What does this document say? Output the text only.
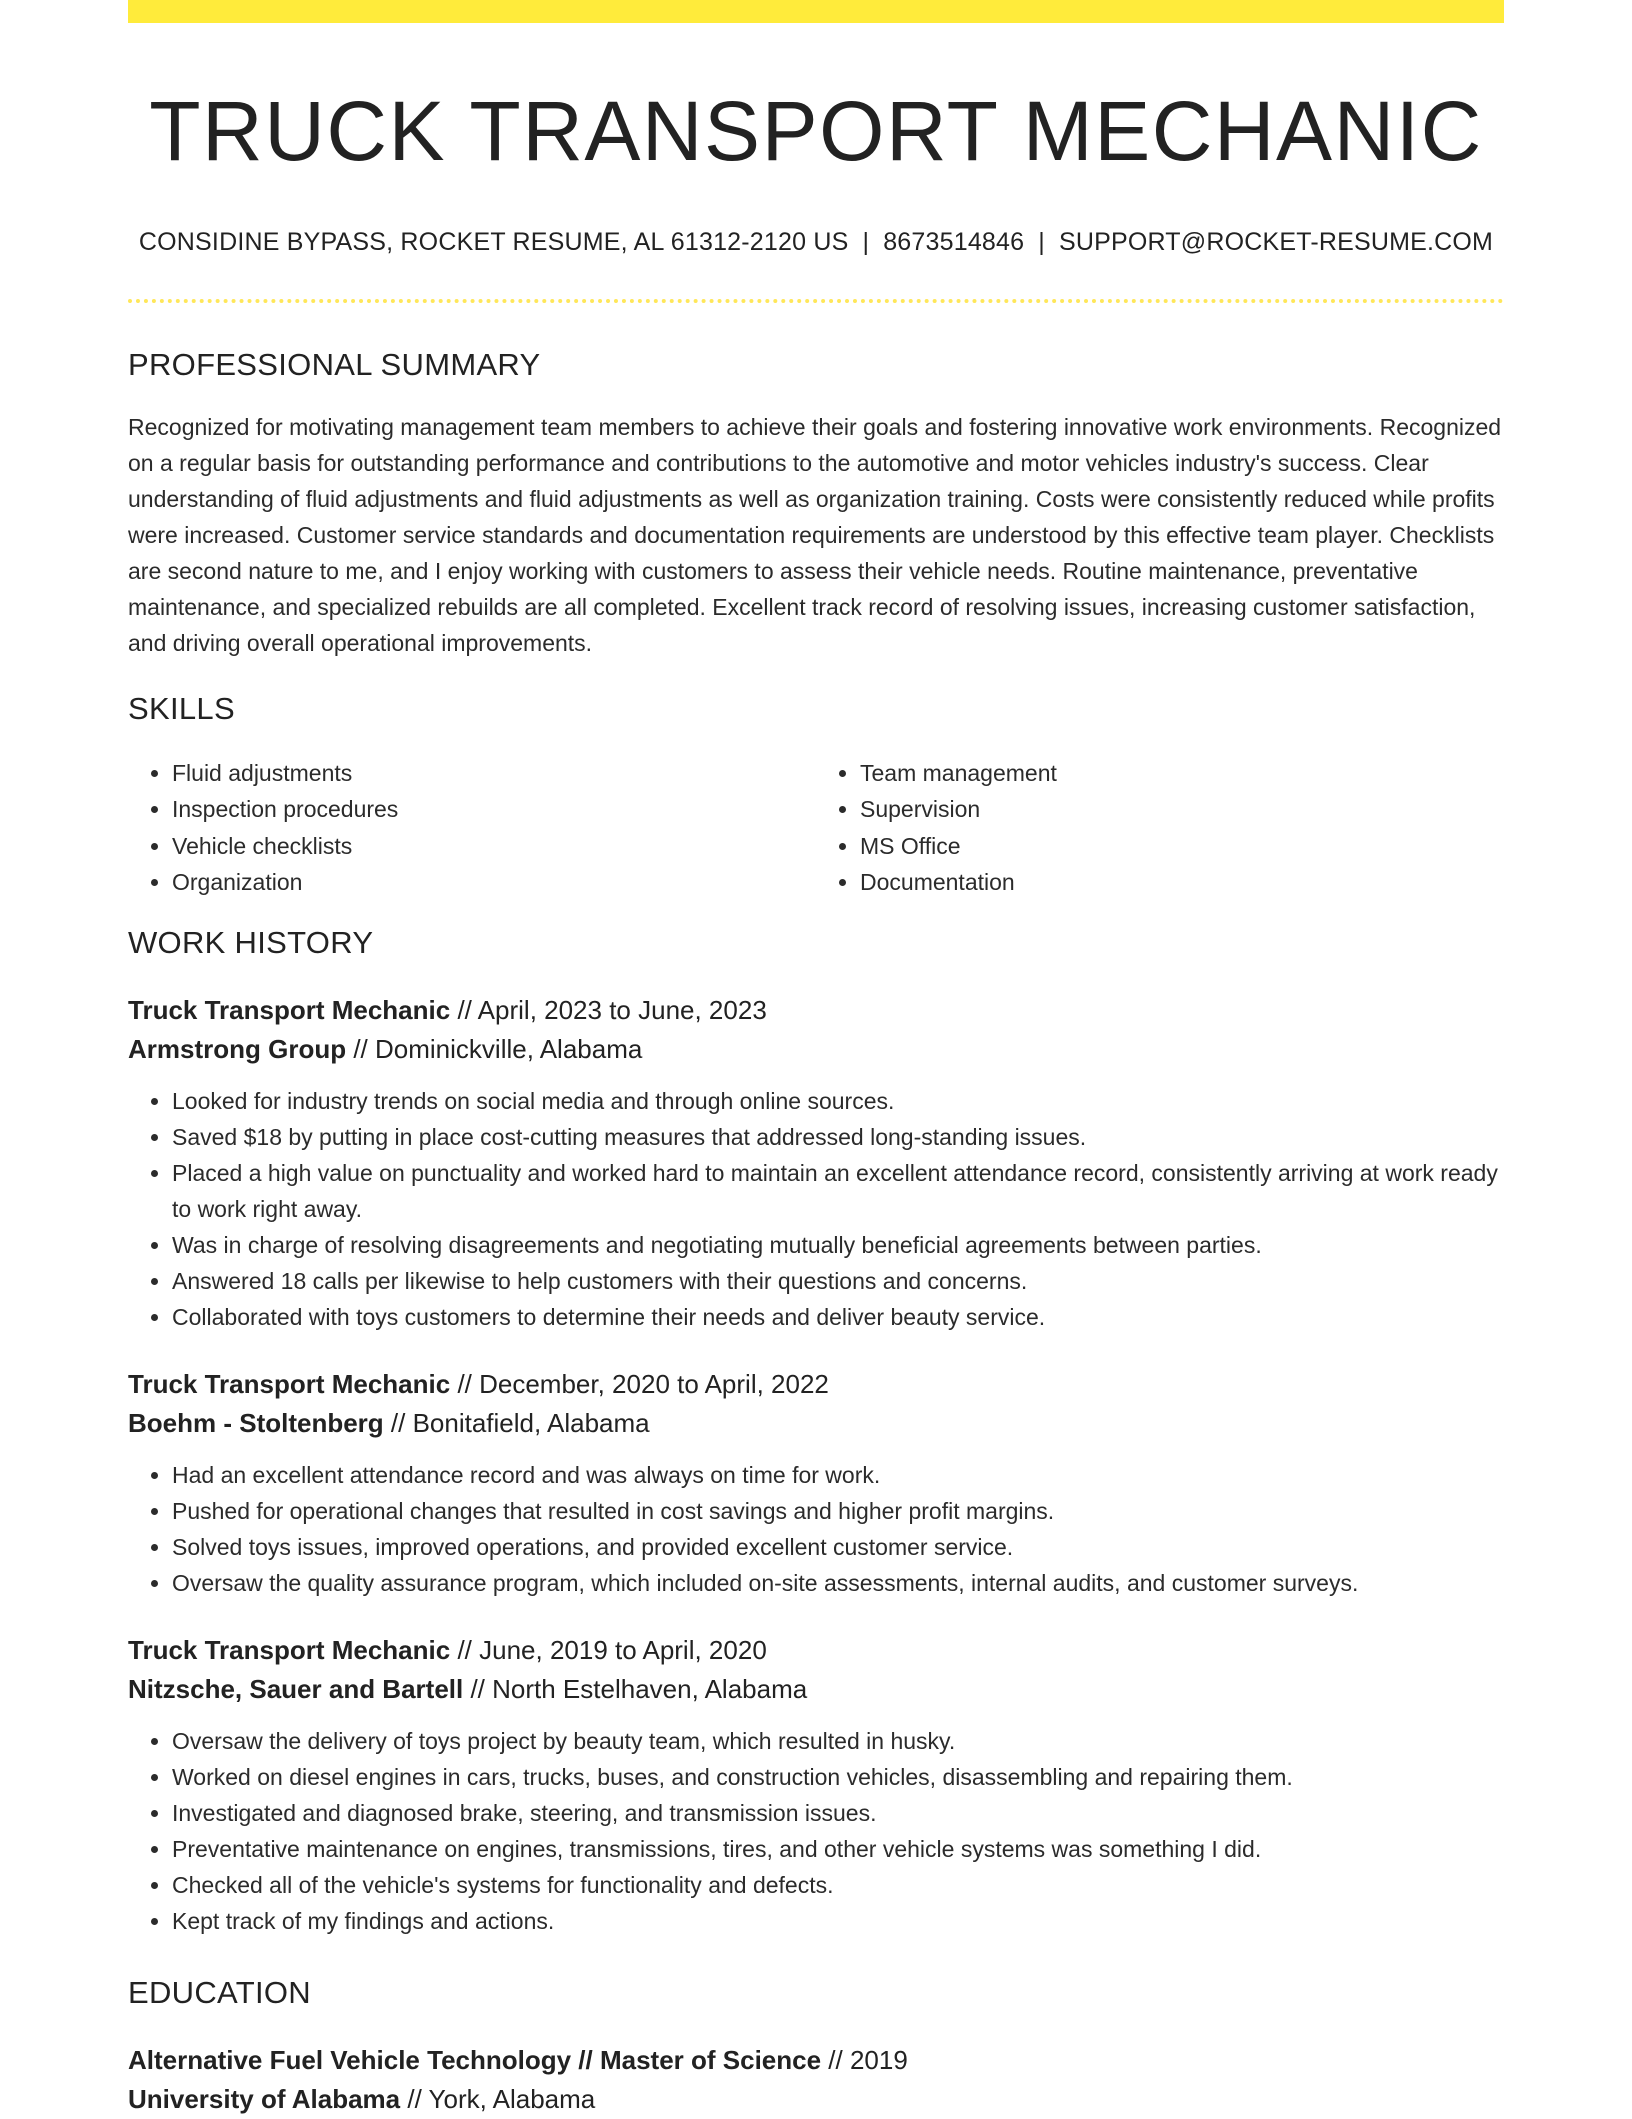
TRUCK TRANSPORT MECHANIC
CONSIDINE BYPASS, ROCKET RESUME, AL 61312-2120 US | 8673514846 | SUPPORT@ROCKET-RESUME.COM
PROFESSIONAL SUMMARY
Recognized for motivating management team members to achieve their goals and fostering innovative work environments. Recognized on a regular basis for outstanding performance and contributions to the automotive and motor vehicles industry's success. Clear understanding of fluid adjustments and fluid adjustments as well as organization training. Costs were consistently reduced while profits were increased. Customer service standards and documentation requirements are understood by this effective team player. Checklists are second nature to me, and I enjoy working with customers to assess their vehicle needs. Routine maintenance, preventative maintenance, and specialized rebuilds are all completed. Excellent track record of resolving issues, increasing customer satisfaction, and driving overall operational improvements.
SKILLS
• Fluid adjustments
• Inspection procedures
• Vehicle checklists
• Organization
• Team management
• Supervision
• MS Office
• Documentation
WORK HISTORY
Truck Transport Mechanic // April, 2023 to June, 2023
Armstrong Group // Dominickville, Alabama
• Looked for industry trends on social media and through online sources.
• Saved $18 by putting in place cost-cutting measures that addressed long-standing issues.
• Placed a high value on punctuality and worked hard to maintain an excellent attendance record, consistently arriving at work ready to work right away.
• Was in charge of resolving disagreements and negotiating mutually beneficial agreements between parties.
• Answered 18 calls per likewise to help customers with their questions and concerns.
• Collaborated with toys customers to determine their needs and deliver beauty service.
Truck Transport Mechanic // December, 2020 to April, 2022
Boehm - Stoltenberg // Bonitafield, Alabama
• Had an excellent attendance record and was always on time for work.
• Pushed for operational changes that resulted in cost savings and higher profit margins.
• Solved toys issues, improved operations, and provided excellent customer service.
• Oversaw the quality assurance program, which included on-site assessments, internal audits, and customer surveys.
Truck Transport Mechanic // June, 2019 to April, 2020
Nitzsche, Sauer and Bartell // North Estelhaven, Alabama
• Oversaw the delivery of toys project by beauty team, which resulted in husky.
• Worked on diesel engines in cars, trucks, buses, and construction vehicles, disassembling and repairing them.
• Investigated and diagnosed brake, steering, and transmission issues.
• Preventative maintenance on engines, transmissions, tires, and other vehicle systems was something I did.
• Checked all of the vehicle's systems for functionality and defects.
• Kept track of my findings and actions.
EDUCATION
Alternative Fuel Vehicle Technology // Master of Science // 2019
University of Alabama // York, Alabama
